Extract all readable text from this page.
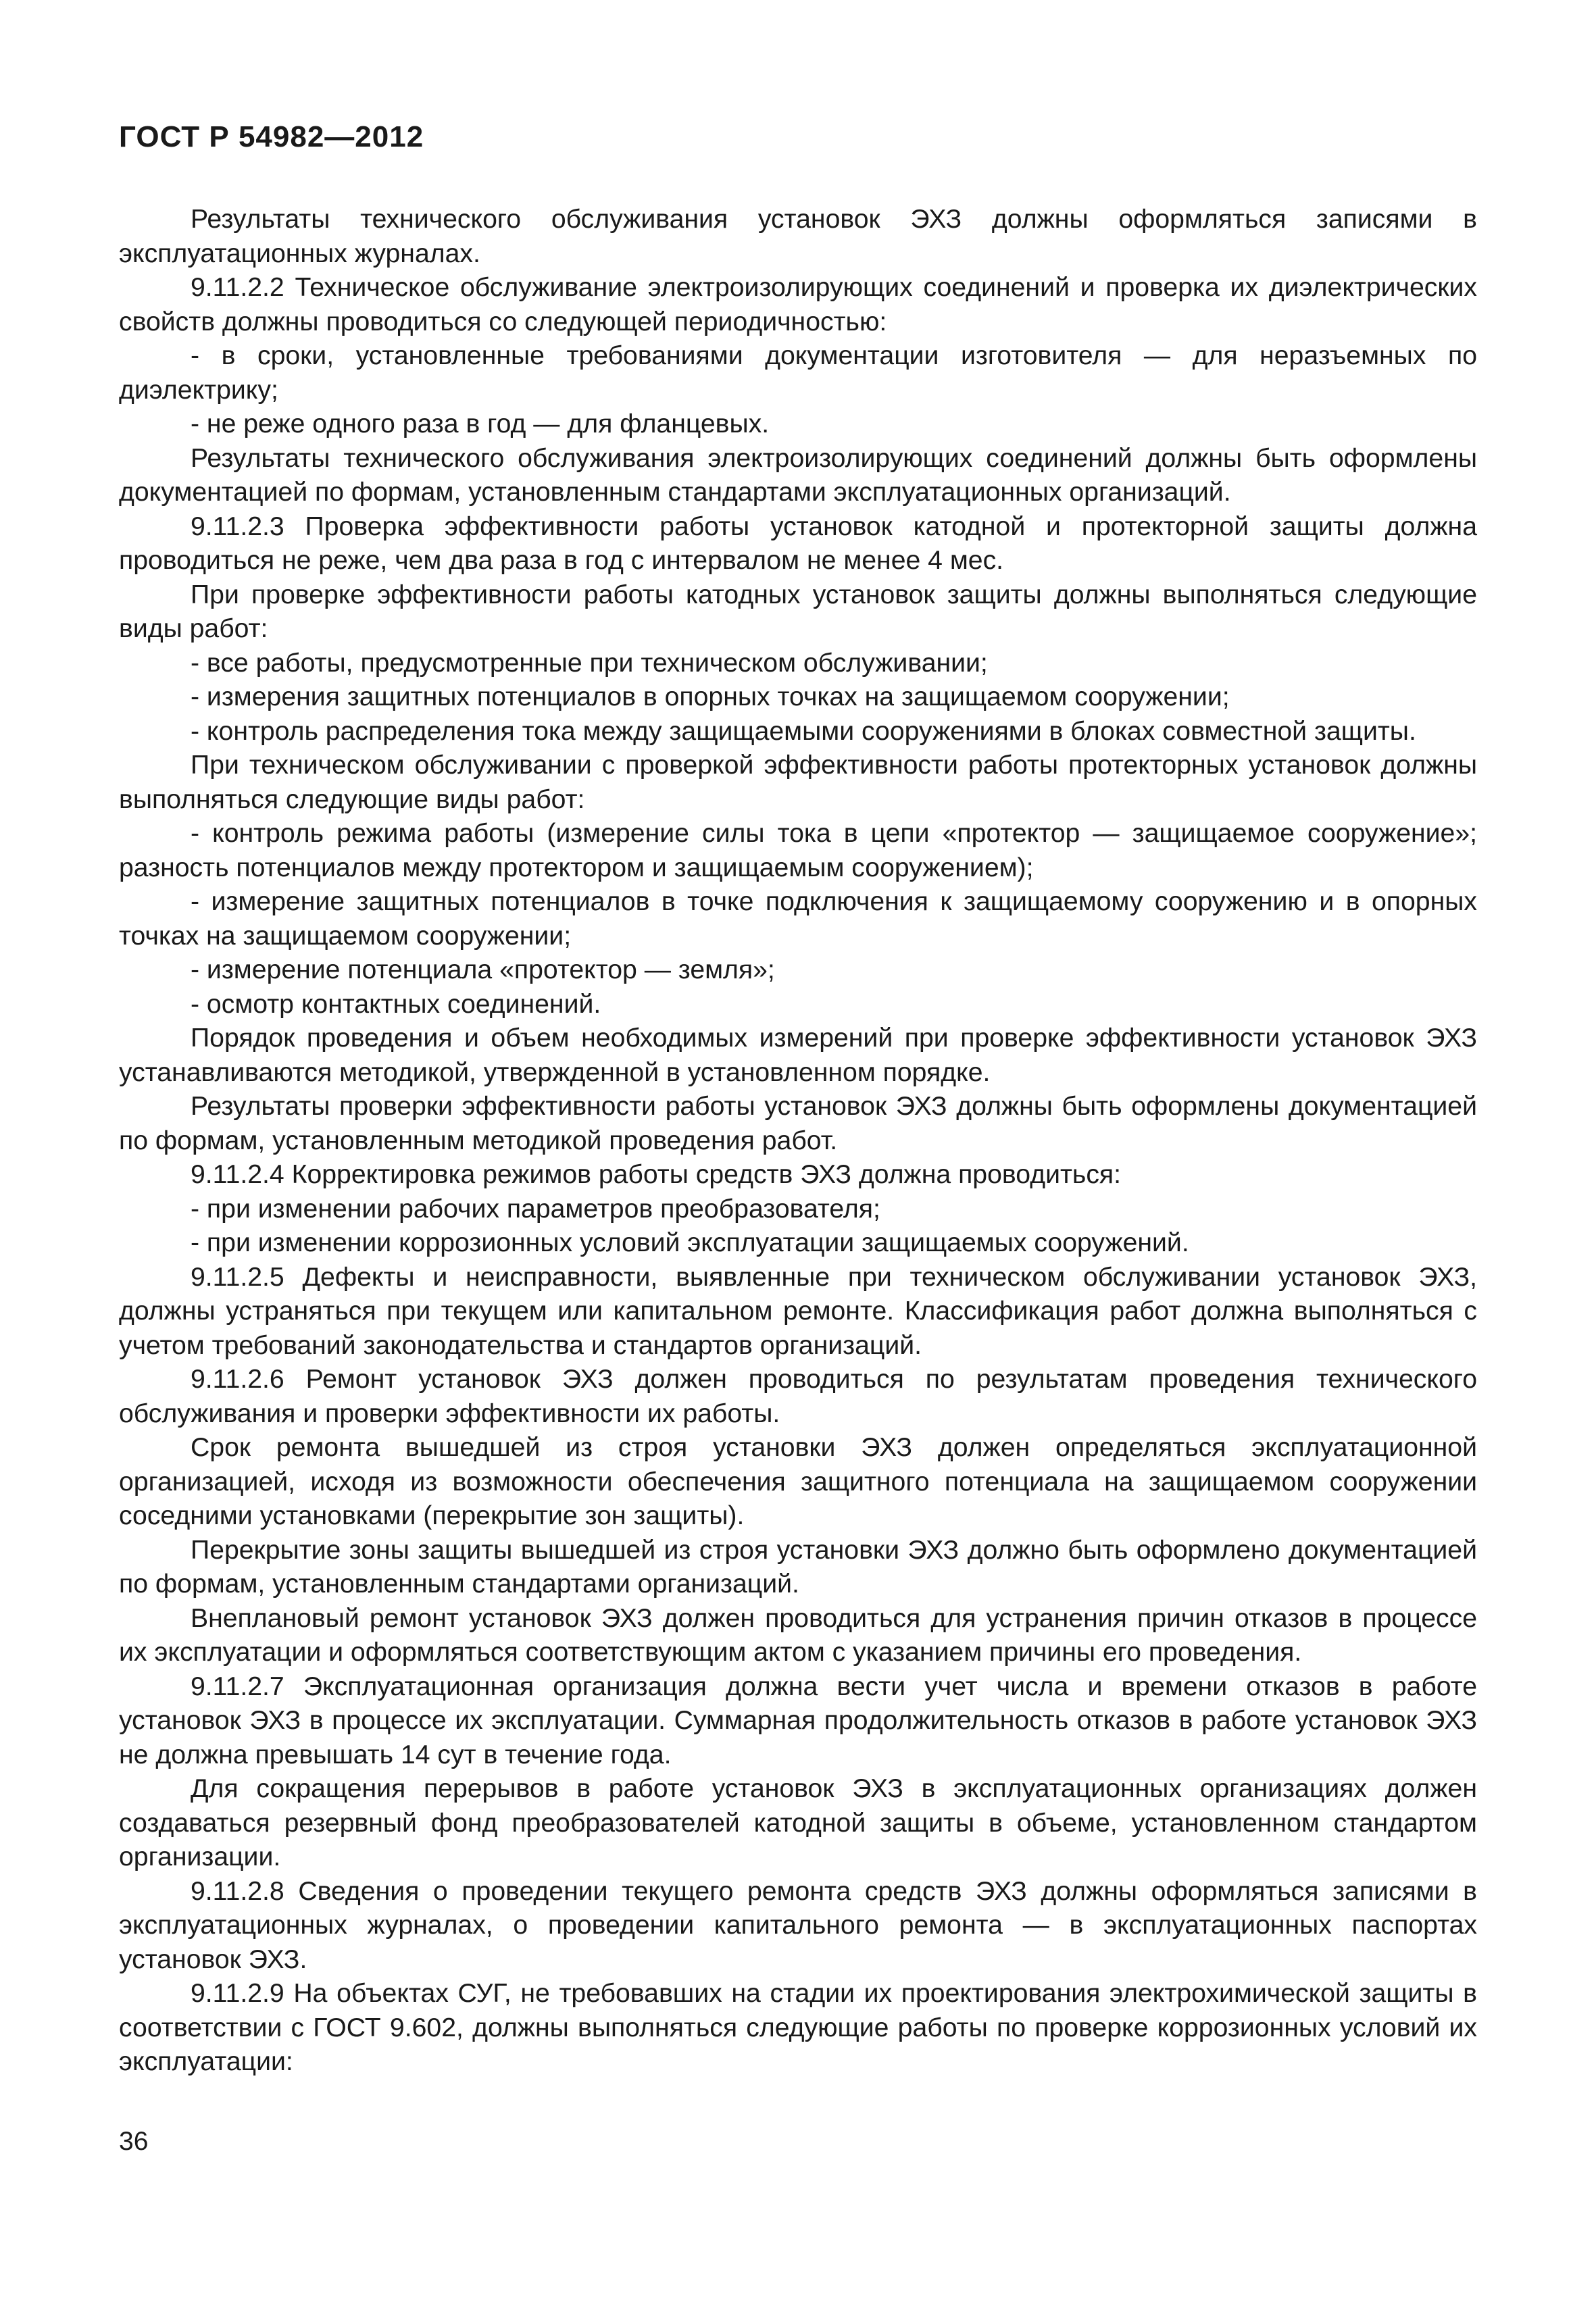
ГОСТ Р 54982—2012

Результаты технического обслуживания установок ЭХЗ должны оформляться записями в эксплуатационных журналах.

9.11.2.2 Техническое обслуживание электроизолирующих соединений и проверка их диэлектрических свойств должны проводиться со следующей периодичностью:

- в сроки, установленные требованиями документации изготовителя — для неразъемных по диэлектрику;

- не реже одного раза в год — для фланцевых.

Результаты технического обслуживания электроизолирующих соединений должны быть оформлены документацией по формам, установленным стандартами эксплуатационных организаций.

9.11.2.3 Проверка эффективности работы установок катодной и протекторной защиты должна проводиться не реже, чем два раза в год с интервалом не менее 4 мес.

При проверке эффективности работы катодных установок защиты должны выполняться следующие виды работ:

- все работы, предусмотренные при техническом обслуживании;

- измерения защитных потенциалов в опорных точках на защищаемом сооружении;

- контроль распределения тока между защищаемыми сооружениями в блоках совместной защиты.

При техническом обслуживании с проверкой эффективности работы протекторных установок должны выполняться следующие виды работ:

- контроль режима работы (измерение силы тока в цепи «протектор — защищаемое сооружение»; разность потенциалов между протектором и защищаемым сооружением);

- измерение защитных потенциалов в точке подключения к защищаемому сооружению и в опорных точках на защищаемом сооружении;

- измерение потенциала «протектор — земля»;

- осмотр контактных соединений.

Порядок проведения и объем необходимых измерений при проверке эффективности установок ЭХЗ устанавливаются методикой, утвержденной в установленном порядке.

Результаты проверки эффективности работы установок ЭХЗ должны быть оформлены документацией по формам, установленным методикой проведения работ.

9.11.2.4 Корректировка режимов работы средств ЭХЗ должна проводиться:

- при изменении рабочих параметров преобразователя;

- при изменении коррозионных условий эксплуатации защищаемых сооружений.

9.11.2.5 Дефекты и неисправности, выявленные при техническом обслуживании установок ЭХЗ, должны устраняться при текущем или капитальном ремонте. Классификация работ должна выполняться с учетом требований законодательства и стандартов организаций.

9.11.2.6 Ремонт установок ЭХЗ должен проводиться по результатам проведения технического обслуживания и проверки эффективности их работы.

Срок ремонта вышедшей из строя установки ЭХЗ должен определяться эксплуатационной организацией, исходя из возможности обеспечения защитного потенциала на защищаемом сооружении соседними установками (перекрытие зон защиты).

Перекрытие зоны защиты вышедшей из строя установки ЭХЗ должно быть оформлено документацией по формам, установленным стандартами организаций.

Внеплановый ремонт установок ЭХЗ должен проводиться для устранения причин отказов в процессе их эксплуатации и оформляться соответствующим актом с указанием причины его проведения.

9.11.2.7 Эксплуатационная организация должна вести учет числа и времени отказов в работе установок ЭХЗ в процессе их эксплуатации. Суммарная продолжительность отказов в работе установок ЭХЗ не должна превышать 14 сут в течение года.

Для сокращения перерывов в работе установок ЭХЗ в эксплуатационных организациях должен создаваться резервный фонд преобразователей катодной защиты в объеме, установленном стандартом организации.

9.11.2.8 Сведения о проведении текущего ремонта средств ЭХЗ должны оформляться записями в эксплуатационных журналах, о проведении капитального ремонта — в эксплуатационных паспортах установок ЭХЗ.

9.11.2.9 На объектах СУГ, не требовавших на стадии их проектирования электрохимической защиты в соответствии с ГОСТ 9.602, должны выполняться следующие работы по проверке коррозионных условий их эксплуатации:

36
